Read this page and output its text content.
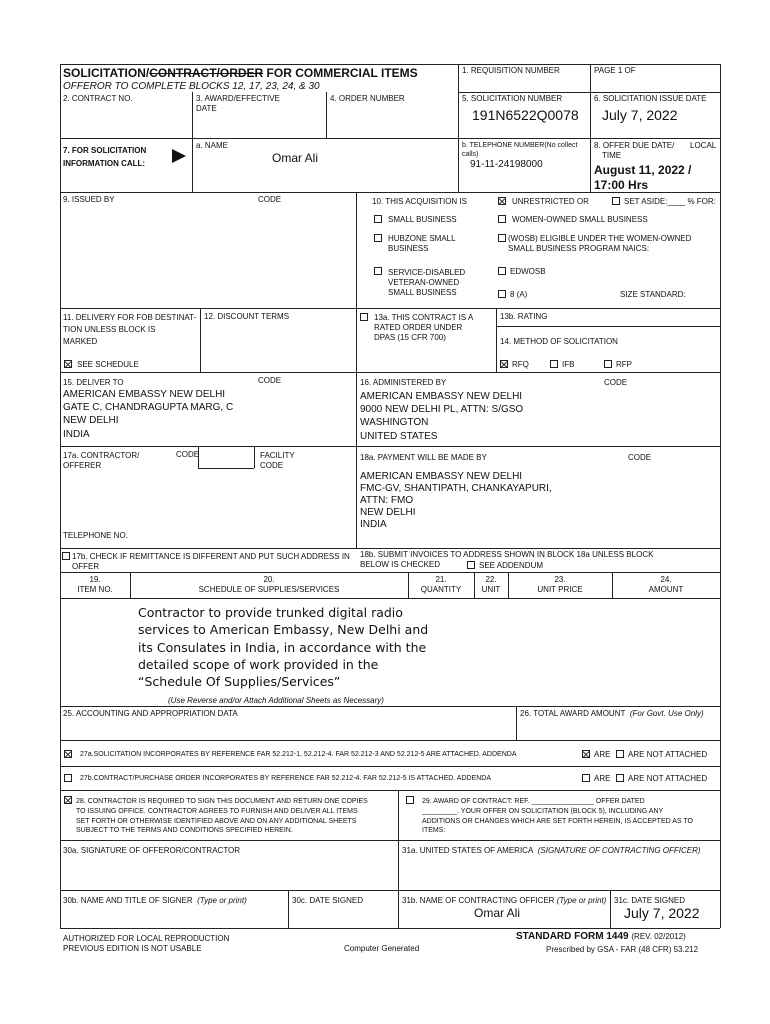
SOLICITATION/CONTRACT/ORDER FOR COMMERCIAL ITEMS
OFFEROR TO COMPLETE BLOCKS 12, 17, 23, 24, & 30
1. REQUISITION NUMBER	PAGE 1 OF
2. CONTRACT NO.	3. AWARD/EFFECTIVE
DATE
4. ORDER NUMBER	5. SOLICITATION NUMBER
191N6522Q0078
6. SOLICITATION ISSUE DATE
July 7, 2022
7. FOR SOLICITATION
INFORMATION CALL:
a. NAME
Omar Ali
b. TELEPHONE NUMBER(No collect
calls)
91-11-24198000
8. OFFER DUE DATE/ LOCAL
TIME
August 11, 2022 /
17:00 Hrs
9. ISSUED BY	CODE	10. THIS ACQUISITION IS	UNRESTRICTED OR	SET ASIDE:____ % FOR:
SMALL BUSINESS	WOMEN-OWNED SMALL BUSINESS
HUBZONE SMALL
BUSINESS
(WOSB) ELIGIBLE UNDER THE WOMEN-OWNED
SMALL BUSINESS PROGRAM NAICS:
SERVICE-DISABLED
VETERAN-OWNED
SMALL BUSINESS
EDWOSB
8 (A)	SIZE STANDARD:
11. DELIVERY FOR FOB DESTINAT-
TION UNLESS BLOCK IS
MARKED
SEE SCHEDULE
12. DISCOUNT TERMS	13a. THIS CONTRACT IS A
RATED ORDER UNDER
DPAS (15 CFR 700)
13b. RATING
14. METHOD OF SOLICITATION
RFQ	IFB	RFP
15. DELIVER TO	CODE
AMERICAN EMBASSY NEW DELHI
GATE C, CHANDRAGUPTA MARG, C
NEW DELHI
INDIA
16. ADMINISTERED BY	CODE
AMERICAN EMBASSY NEW DELHI
9000 NEW DELHI PL, ATTN: S/GSO
WASHINGTON
UNITED STATES
17a. CONTRACTOR/
OFFERER
CODE	FACILITY
CODE
TELEPHONE NO.
18a. PAYMENT WILL BE MADE BY	CODE
AMERICAN EMBASSY NEW DELHI
FMC-GV, SHANTIPATH, CHANKAYAPURI,
ATTN: FMO
NEW DELHI
INDIA
17b. CHECK IF REMITTANCE IS DIFFERENT AND PUT SUCH ADDRESS IN
OFFER
18b. SUBMIT INVOICES TO ADDRESS SHOWN IN BLOCK 18a UNLESS BLOCK
BELOW IS CHECKED	SEE ADDENDUM
19.
ITEM NO.
20.
SCHEDULE OF SUPPLIES/SERVICES
21.
QUANTITY
22.
UNIT
23.
UNIT PRICE
24.
AMOUNT
Contractor to provide trunked digital radio
services to American Embassy, New Delhi and
its Consulates in India, in accordance with the
detailed scope of work provided in the
“Schedule Of Supplies/Services”
(Use Reverse and/or Attach Additional Sheets as Necessary)
25. ACCOUNTING AND APPROPRIATION DATA	26. TOTAL AWARD AMOUNT (For Govt. Use Only)
27a.SOLICITATION INCORPORATES BY REFERENCE FAR 52.212-1, 52.212-4. FAR 52.212-3 AND 52.212-5 ARE ATTACHED. ADDENDA	ARE ARE NOT ATTACHED
27b.CONTRACT/PURCHASE ORDER INCORPORATES BY REFERENCE FAR 52.212-4. FAR 52.212-5 IS ATTACHED. ADDENDA	ARE ARE NOT ATTACHED
28. CONTRACTOR IS REQUIRED TO SIGN THIS DOCUMENT AND RETURN ONE COPIES
TO ISSUING OFFICE. CONTRACTOR AGREES TO FURNISH AND DELIVER ALL ITEMS
SET FORTH OR OTHERWISE IDENTIFIED ABOVE AND ON ANY ADDITIONAL SHEETS
SUBJECT TO THE TERMS AND CONDITIONS SPECIFIED HEREIN.
29. AWARD OF CONTRACT: REF. ________________ OFFER DATED
_________. YOUR OFFER ON SOLICITATION (BLOCK 5), INCLUDING ANY
ADDITIONS OR CHANGES WHICH ARE SET FORTH HEREIN, IS ACCEPTED AS TO
ITEMS:
30a. SIGNATURE OF OFFEROR/CONTRACTOR	31a. UNITED STATES OF AMERICA (SIGNATURE OF CONTRACTING OFFICER)
30b. NAME AND TITLE OF SIGNER (Type or print)	30c. DATE SIGNED	31b. NAME OF CONTRACTING OFFICER (Type or print)
Omar Ali
31c. DATE SIGNED
July 7, 2022
AUTHORIZED FOR LOCAL REPRODUCTION
PREVIOUS EDITION IS NOT USABLE	Computer Generated
STANDARD FORM 1449 (REV. 02/2012)
Prescribed by GSA - FAR (48 CFR) 53.212
